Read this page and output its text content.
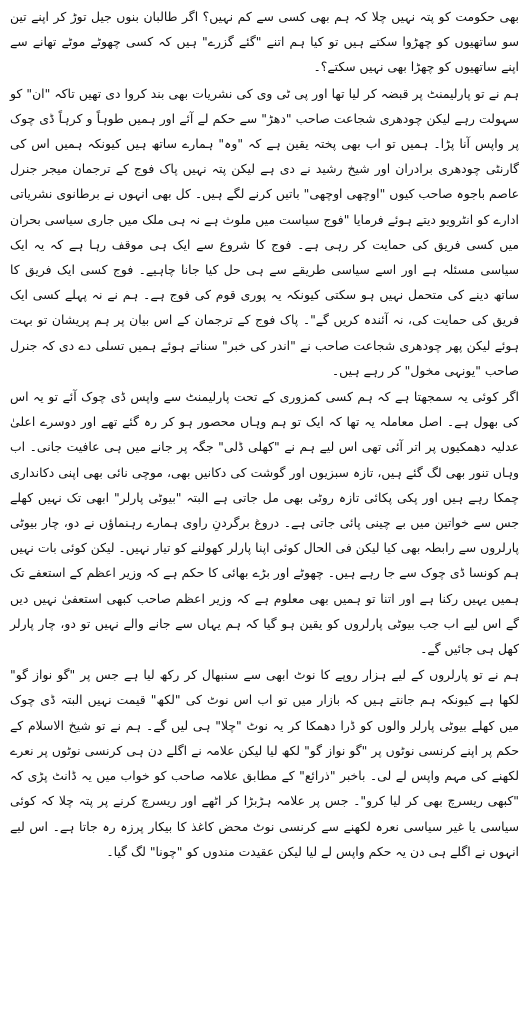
بھی حکومت کو پتہ نہیں چلا کہ ہم بھی کسی سے کم نہیں؟ اگر طالبان بنوں جیل توڑ کر اپنے تین سو ساتھیوں کو چھڑوا سکتے ہیں تو کیا ہم اتنے "گئے گزرے" ہیں کہ کسی چھوٹے موٹے تھانے سے اپنے ساتھیوں کو چھڑا بھی نہیں سکتے؟۔

ہم نے تو پارلیمنٹ پر قبضہ کر لیا تھا اور پی ٹی وی کی نشریات بھی بند کروا دی تھیں تاکہ "ان" کو سہولت رہے لیکن چودھری شجاعت صاحب "دھڑ" سے حکم لے آئے اور ہمیں طوہاً و کرہاً ڈی چوک پر واپس آنا پڑا۔ ہمیں تو اب بھی پختہ یقین ہے کہ "وہ" ہمارے ساتھ ہیں کیونکہ ہمیں اس کی گارنٹی چودھری برادران اور شیخ رشید نے دی ہے لیکن پتہ نہیں پاک فوج کے ترجمان میجر جنرل عاصم باجوہ صاحب کیوں "اوچھی اوچھی" باتیں کرنے لگے ہیں۔ کل بھی انہوں نے برطانوی نشریاتی ادارے کو انٹرویو دیتے ہوئے فرمایا "فوج سیاست میں ملوث ہے نہ ہی ملک میں جاری سیاسی بحران میں کسی فریق کی حمایت کر رہی ہے۔ فوج کا شروع سے ایک ہی موقف رہا ہے کہ یہ ایک سیاسی مسئلہ ہے اور اسے سیاسی طریقے سے ہی حل کیا جانا چاہیے۔ فوج کسی ایک فریق کا ساتھ دینے کی متحمل نہیں ہو سکتی کیونکہ یہ پوری قوم کی فوج ہے۔ ہم نے نہ پہلے کسی ایک فریق کی حمایت کی، نہ آئندہ کریں گے"۔ پاک فوج کے ترجمان کے اس بیان پر ہم پریشان تو بہت ہوئے لیکن پھر چودھری شجاعت صاحب نے "اندر کی خبر" سناتے ہوئے ہمیں تسلی دے دی کہ جنرل صاحب "یونہی مخول" کر رہے ہیں۔

اگر کوئی یہ سمجھتا ہے کہ ہم کسی کمزوری کے تحت پارلیمنٹ سے واپس ڈی چوک آئے تو یہ اس کی بھول ہے۔ اصل معاملہ یہ تھا کہ ایک تو ہم وہاں محصور ہو کر رہ گئے تھے اور دوسرے اعلیٰ عدلیہ دھمکیوں پر اتر آئی تھی اس لیے ہم نے "کھلی ڈلی" جگہ پر جانے میں ہی عافیت جانی۔ اب وہاں تنور بھی لگ گئے ہیں، تازہ سبزیوں اور گوشت کی دکانیں بھی، موچی نائی بھی اپنی دکانداری چمکا رہے ہیں اور پکی پکائی تازہ روٹی بھی مل جاتی ہے البتہ "بیوٹی پارلر" ابھی تک نہیں کھلے جس سے خواتین میں بے چینی پائی جاتی ہے۔ دروغ برگردنِ راوی ہمارے رہنماؤں نے دو، چار بیوٹی پارلروں سے رابطہ بھی کیا لیکن فی الحال کوئی اپنا پارلر کھولنے کو تیار نہیں۔ لیکن کوئی بات نہیں ہم کونسا ڈی چوک سے جا رہے ہیں۔ چھوٹے اور بڑے بھائی کا حکم ہے کہ وزیر اعظم کے استعفے تک ہمیں یہیں رکنا ہے اور اتنا تو ہمیں بھی معلوم ہے کہ وزیر اعظم صاحب کبھی استعفیٰ نہیں دیں گے اس لیے اب جب بیوٹی پارلروں کو یقین ہو گیا کہ ہم یہاں سے جانے والے نہیں تو دو، چار پارلر کھل ہی جائیں گے۔

ہم نے تو پارلروں کے لیے ہزار روپے کا نوٹ ابھی سے سنبھال کر رکھ لیا ہے جس پر "گو نواز گو" لکھا ہے کیونکہ ہم جانتے ہیں کہ بازار میں تو اب اس نوٹ کی "لکھ" قیمت نہیں البتہ ڈی چوک میں کھلے بیوٹی پارلر والوں کو ڈرا دھمکا کر یہ نوٹ "چلا" ہی لیں گے۔ ہم نے تو شیخ الاسلام کے حکم پر اپنے کرنسی نوٹوں پر "گو نواز گو" لکھ لیا لیکن علامہ نے اگلے دن ہی کرنسی نوٹوں پر نعرے لکھنے کی مہم واپس لے لی۔ باخبر "ذرائع" کے مطابق علامہ صاحب کو خواب میں یہ ڈانٹ پڑی کہ "کبھی ریسرچ بھی کر لیا کرو"۔ جس پر علامہ ہڑبڑا کر اٹھے اور ریسرچ کرنے پر پتہ چلا کہ کوئی سیاسی یا غیر سیاسی نعرہ لکھنے سے کرنسی نوٹ محض کاغذ کا بیکار پرزہ رہ جاتا ہے۔ اس لیے انہوں نے اگلے ہی دن یہ حکم واپس لے لیا لیکن عقیدت مندوں کو "چونا" لگ گیا۔
